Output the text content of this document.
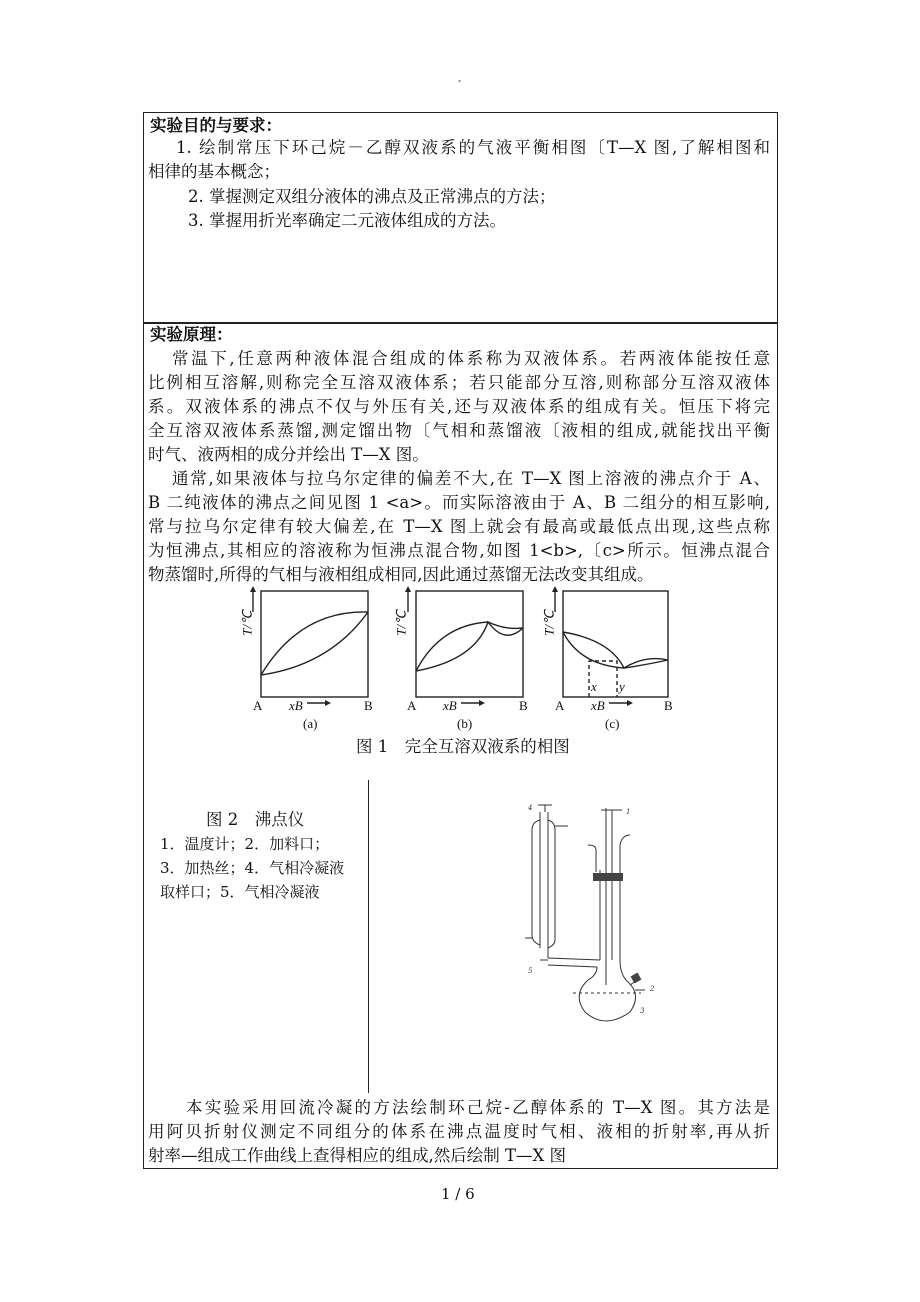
.
实验目的与要求：
1. 绘制常压下环己烷－乙醇双液系的气液平衡相图〔T—X 图,了解相图和
相律的基本概念；
2. 掌握测定双组分液体的沸点及正常沸点的方法；
3. 掌握用折光率确定二元液体组成的方法。
实验原理：
常温下,任意两种液体混合组成的体系称为双液体系。若两液体能按任意
比例相互溶解,则称完全互溶双液体系；若只能部分互溶,则称部分互溶双液体
系。双液体系的沸点不仅与外压有关,还与双液体系的组成有关。恒压下将完
全互溶双液体系蒸馏,测定馏出物〔气相和蒸馏液〔液相的组成,就能找出平衡
时气、液两相的成分并绘出 T—X 图。
通常,如果液体与拉乌尔定律的偏差不大,在 T—X 图上溶液的沸点介于 A、
B 二纯液体的沸点之间见图 1 <a>。而实际溶液由于 A、B 二组分的相互影响,
常与拉乌尔定律有较大偏差,在 T—X 图上就会有最高或最低点出现,这些点称
为恒沸点,其相应的溶液称为恒沸点混合物,如图 1<b>,〔c>所示。恒沸点混合
物蒸馏时,所得的气相与液相组成相同,因此通过蒸馏无法改变其组成。
A	B
xB
T/℃
(a)
A	B
xB
T/℃
(b)
A	B
xB
T/℃
(c)
x y
图 1　完全互溶双液系的相图
图 2　沸点仪
1．温度计；2．加料口；
3．加热丝；4．气相冷凝液
取样口；5．气相冷凝液
1
2
3
4
5
本实验采用回流冷凝的方法绘制环己烷-乙醇体系的 T—X 图。其方法是
用阿贝折射仪测定不同组分的体系在沸点温度时气相、液相的折射率,再从折
射率—组成工作曲线上查得相应的组成,然后绘制 T—X 图
1 / 6
